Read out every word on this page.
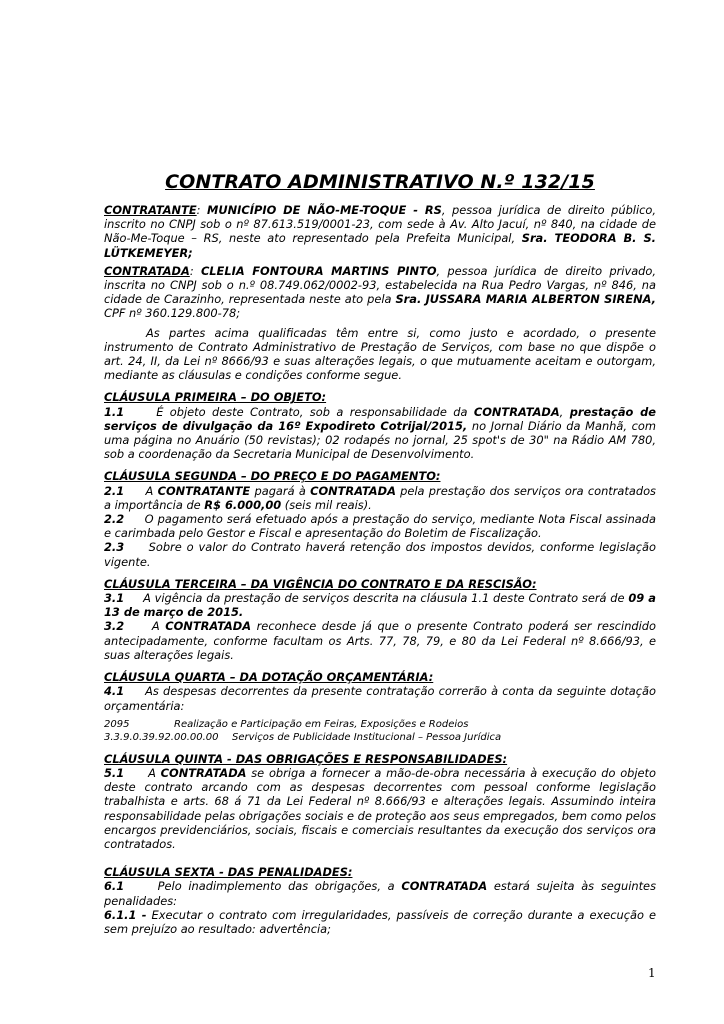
CONTRATO ADMINISTRATIVO N.º 132/15

CONTRATANTE: MUNICÍPIO DE NÃO-ME-TOQUE - RS, pessoa jurídica de direito público, inscrito no CNPJ sob o nº 87.613.519/0001-23, com sede à Av. Alto Jacuí, nº 840, na cidade de Não-Me-Toque – RS, neste ato representado pela Prefeita Municipal, Sra. TEODORA B. S. LÜTKEMEYER;

CONTRATADA: CLELIA FONTOURA MARTINS PINTO, pessoa jurídica de direito privado, inscrita no CNPJ sob o n.º 08.749.062/0002-93, estabelecida na Rua Pedro Vargas, nº 846, na cidade de Carazinho, representada neste ato pela Sra. JUSSARA MARIA ALBERTON SIRENA, CPF nº 360.129.800-78;

As partes acima qualificadas têm entre si, como justo e acordado, o presente instrumento de Contrato Administrativo de Prestação de Serviços, com base no que dispõe o art. 24, II, da Lei nº 8666/93 e suas alterações legais, o que mutuamente aceitam e outorgam, mediante as cláusulas e condições conforme segue.

CLÁUSULA PRIMEIRA – DO OBJETO:

1.1	É objeto deste Contrato, sob a responsabilidade da CONTRATADA, prestação de serviços de divulgação da 16º Expodireto Cotrijal/2015, no Jornal Diário da Manhã, com uma página no Anuário (50 revistas); 02 rodapés no jornal, 25 spot's de 30" na Rádio AM 780, sob a coordenação da Secretaria Municipal de Desenvolvimento.

CLÁUSULA SEGUNDA – DO PREÇO E DO PAGAMENTO:

2.1 A CONTRATANTE pagará à CONTRATADA pela prestação dos serviços ora contratados a importância de R$ 6.000,00 (seis mil reais).

2.2 O pagamento será efetuado após a prestação do serviço, mediante Nota Fiscal assinada e carimbada pelo Gestor e Fiscal e apresentação do Boletim de Fiscalização.

2.3 Sobre o valor do Contrato haverá retenção dos impostos devidos, conforme legislação vigente.

CLÁUSULA TERCEIRA – DA VIGÊNCIA DO CONTRATO E DA RESCISÃO:

3.1 A vigência da prestação de serviços descrita na cláusula 1.1 deste Contrato será de 09 a 13 de março de 2015.

3.2 A CONTRATADA reconhece desde já que o presente Contrato poderá ser rescindido antecipadamente, conforme facultam os Arts. 77, 78, 79, e 80 da Lei Federal nº 8.666/93, e suas alterações legais.

CLÁUSULA QUARTA – DA DOTAÇÃO ORÇAMENTÁRIA:

4.1 As despesas decorrentes da presente contratação correrão à conta da seguinte dotação orçamentária:

2095	Realização e Participação em Feiras, Exposições e Rodeios

3.3.9.0.39.92.00.00.00 Serviços de Publicidade Institucional – Pessoa Jurídica

CLÁUSULA QUINTA - DAS OBRIGAÇÕES E RESPONSABILIDADES:

5.1 A CONTRATADA se obriga a fornecer a mão-de-obra necessária à execução do objeto deste contrato arcando com as despesas decorrentes com pessoal conforme legislação trabalhista e arts. 68 á 71 da Lei Federal nº 8.666/93 e alterações legais. Assumindo inteira responsabilidade pelas obrigações sociais e de proteção aos seus empregados, bem como pelos encargos previdenciários, sociais, fiscais e comerciais resultantes da execução dos serviços ora contratados.

CLÁUSULA SEXTA - DAS PENALIDADES:

6.1	Pelo inadimplemento das obrigações, a CONTRATADA estará sujeita às seguintes penalidades:

6.1.1 - Executar o contrato com irregularidades, passíveis de correção durante a execução e sem prejuízo ao resultado: advertência;

1
